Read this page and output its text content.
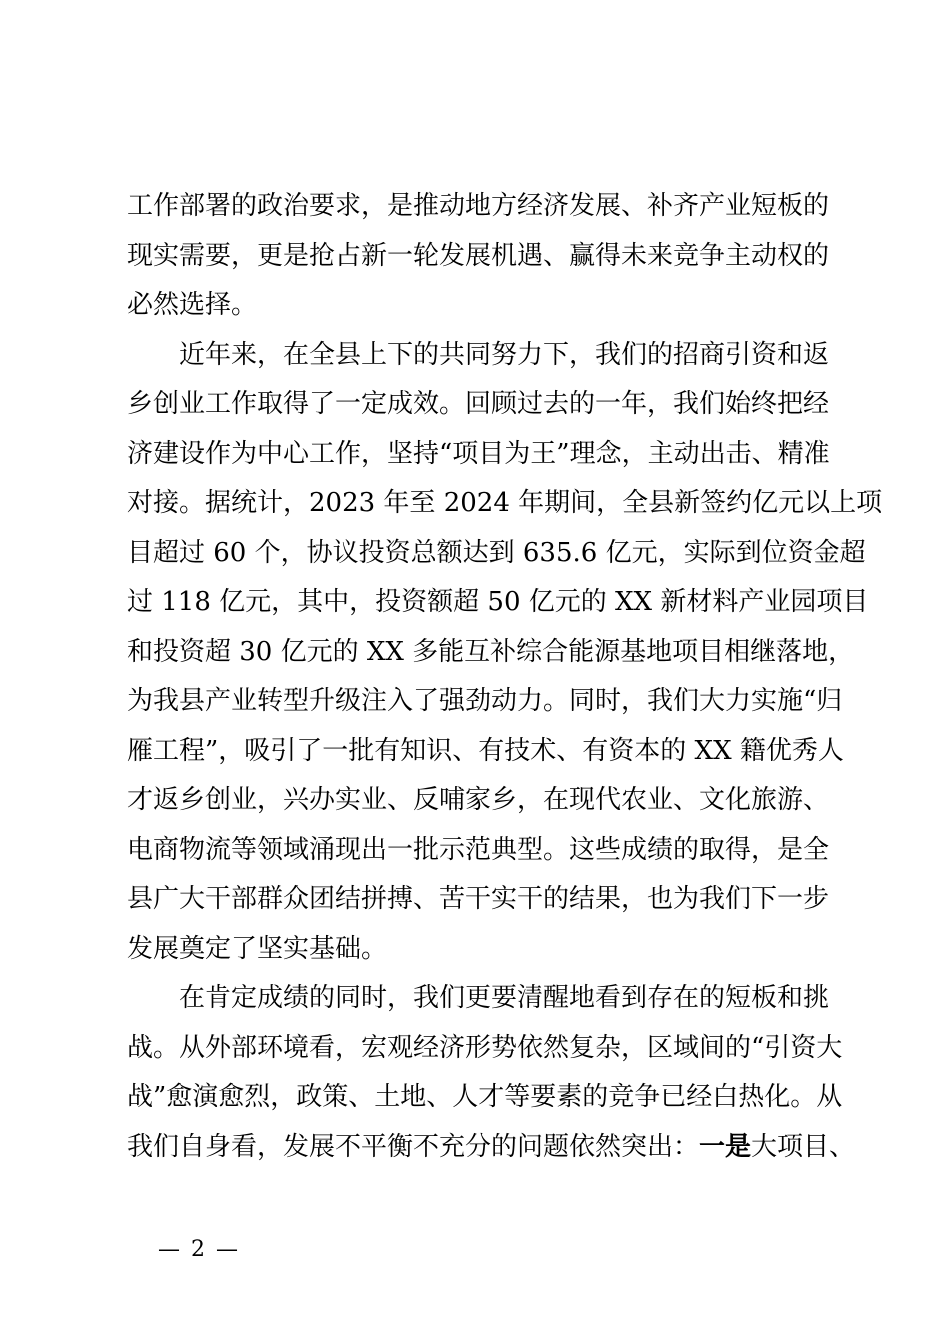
工作部署的政治要求，是推动地方经济发展、补齐产业短板的
现实需要，更是抢占新一轮发展机遇、赢得未来竞争主动权的
必然选择。
近年来，在全县上下的共同努力下，我们的招商引资和返
乡创业工作取得了一定成效。回顾过去的一年，我们始终把经
济建设作为中心工作，坚持“项目为王”理念，主动出击、精准
对接。据统计，2023 年至 2024 年期间，全县新签约亿元以上项
目超过 60 个，协议投资总额达到 635.6 亿元，实际到位资金超
过 118 亿元，其中，投资额超 50 亿元的 XX 新材料产业园项目
和投资超 30 亿元的 XX 多能互补综合能源基地项目相继落地，
为我县产业转型升级注入了强劲动力。同时，我们大力实施“归
雁工程”，吸引了一批有知识、有技术、有资本的 XX 籍优秀人
才返乡创业，兴办实业、反哺家乡，在现代农业、文化旅游、
电商物流等领域涌现出一批示范典型。这些成绩的取得，是全
县广大干部群众团结拼搏、苦干实干的结果，也为我们下一步
发展奠定了坚实基础。
在肯定成绩的同时，我们更要清醒地看到存在的短板和挑
战。从外部环境看，宏观经济形势依然复杂，区域间的“引资大
战”愈演愈烈，政策、土地、人才等要素的竞争已经白热化。从
我们自身看，发展不平衡不充分的问题依然突出：一是大项目、
— 2 —
